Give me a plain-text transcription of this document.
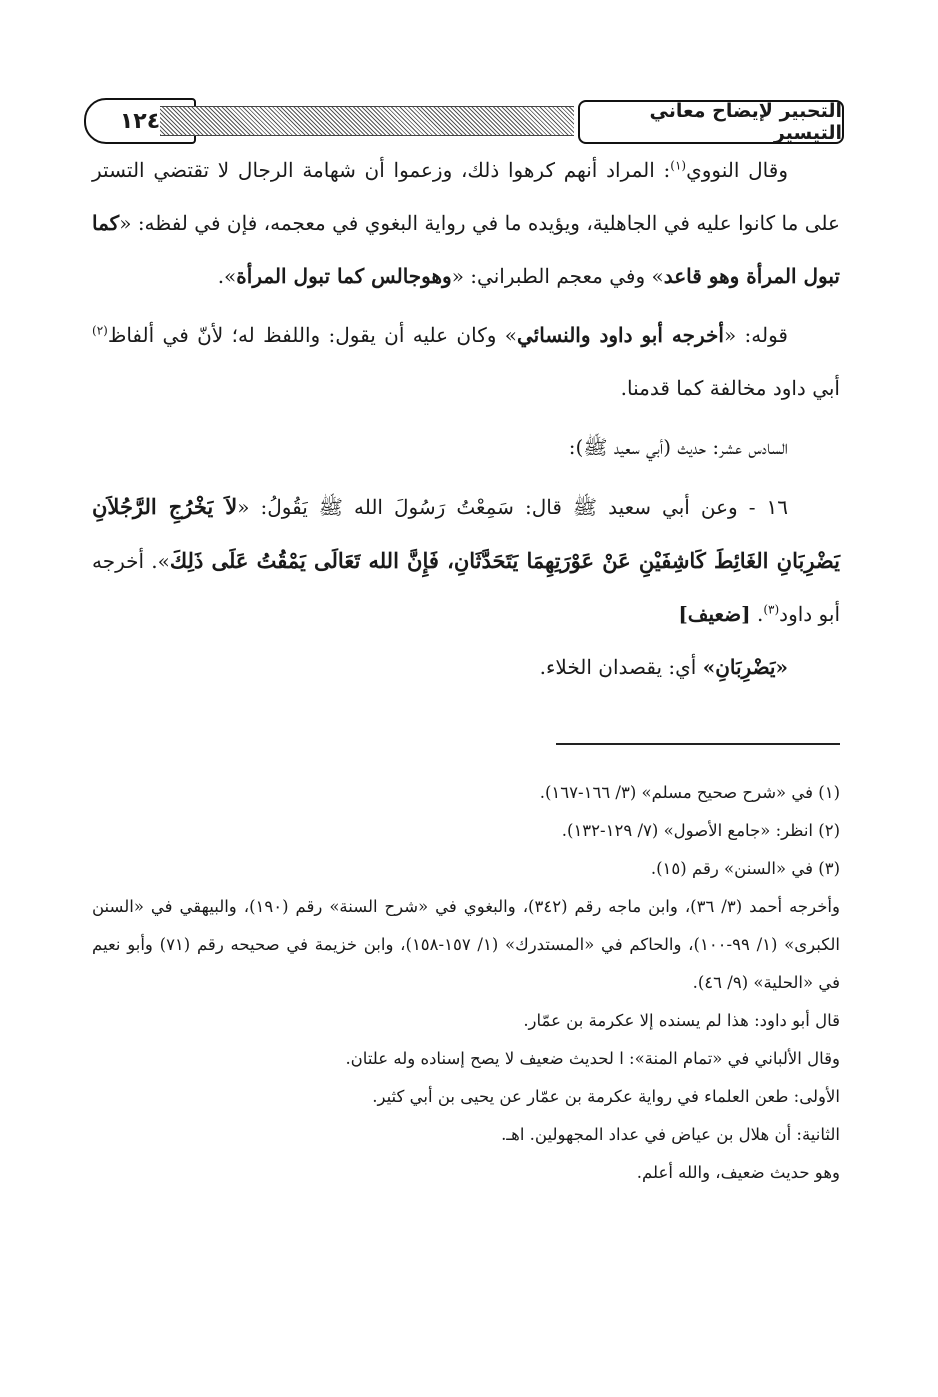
١٢٤	التحبير لإيضاح معاني التيسير

وقال النووي$^{(١)}$: المراد أنهم كرهوا ذلك، وزعموا أن شهامة الرجال لا تقتضي التستر على ما كانوا عليه في الجاهلية، ويؤيده ما في رواية البغوي في معجمه، فإن في لفظه: «كما تبول المرأة وهو قاعد» وفي معجم الطبراني: «وهوجالس كما تبول المرأة».

قوله: «أخرجه أبو داود والنسائي» وكان عليه أن يقول: واللفظ له؛ لأنّ في ألفاظ$^{(٢)}$ أبي داود مخالفة كما قدمنا.

السادس عشر: حديث (أبي سعيد ﷺ):

١٦ - وعن أبي سعيد ﷺ قال: سَمِعْتُ رَسُولَ الله ﷺ يَقُولُ: «لاَ يَخْرُجِ الرَّجُلاَنِ يَضْرِبَانِ الغَائِطَ كَاشِفَيْنِ عَنْ عَوْرَتِهِمَا يَتَحَدَّثَانِ، فَإِنَّ الله تَعَالَى يَمْقُتُ عَلَى ذَلِكَ». أخرجه أبو داود$^{(٣)}$. [ضعيف]

«يَضْرِبَانِ» أي: يقصدان الخلاء.

(١) في «شرح صحيح مسلم» (٣/ ١٦٦-١٦٧).

(٢) انظر: «جامع الأصول» (٧/ ١٢٩-١٣٢).

(٣) في «السنن» رقم (١٥).

وأخرجه أحمد (٣/ ٣٦)، وابن ماجه رقم (٣٤٢)، والبغوي في «شرح السنة» رقم (١٩٠)، والبيهقي في «السنن الكبرى» (١/ ٩٩-١٠٠)، والحاكم في «المستدرك» (١/ ١٥٧-١٥٨)، وابن خزيمة في صحيحه رقم (٧١) وأبو نعيم في «الحلية» (٩/ ٤٦).

قال أبو داود: هذا لم يسنده إلا عكرمة بن عمّار.

وقال الألباني في «تمام المنة»: ا لحديث ضعيف لا يصح إسناده وله علتان.

الأولى: طعن العلماء في رواية عكرمة بن عمّار عن يحيى بن أبي كثير.

الثانية: أن هلال بن عياض في عداد المجهولين. اهـ.

وهو حديث ضعيف، والله أعلم.
